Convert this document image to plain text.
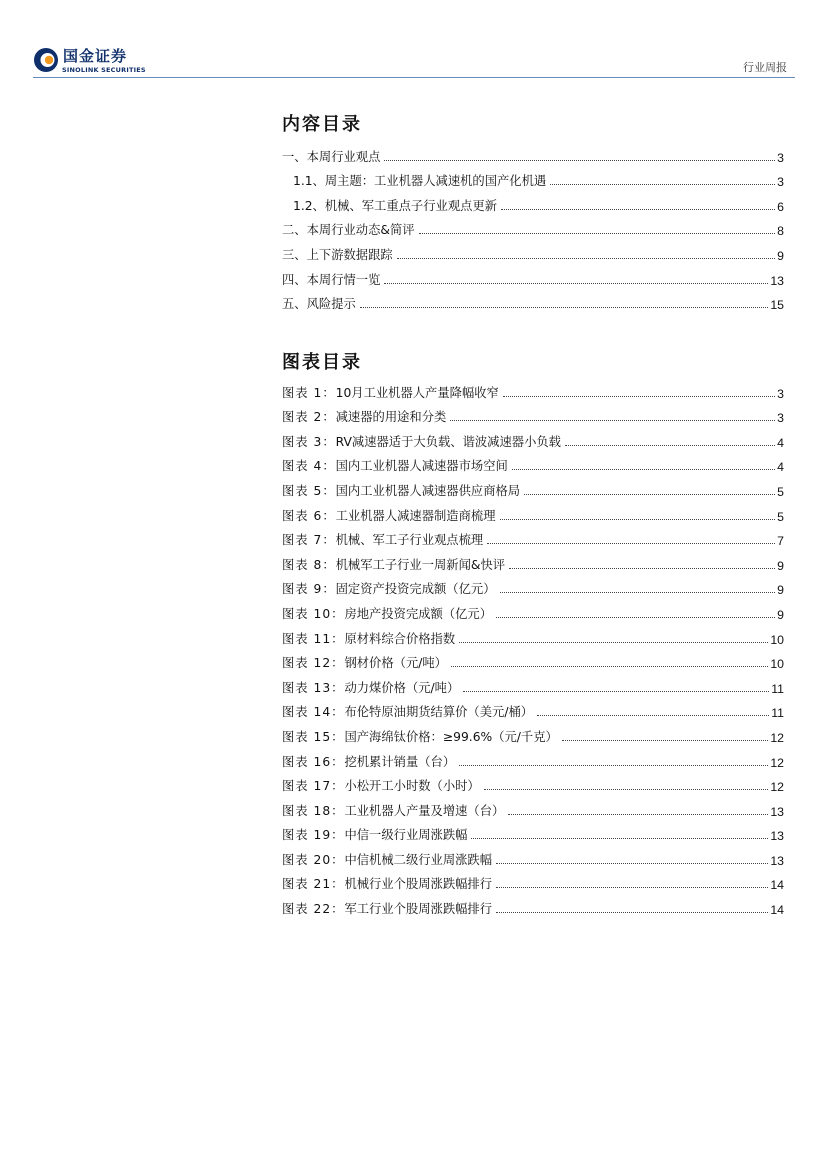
国金证券
SINOLINK SECURITIES	行业周报
内容目录
一、本周行业观点	3
1.1、周主题：工业机器人减速机的国产化机遇	3
1.2、机械、军工重点子行业观点更新	6
二、本周行业动态&简评	8
三、上下游数据跟踪	9
四、本周行情一览	13
五、风险提示	15
图表目录
图表 1：10月工业机器人产量降幅收窄	3
图表 2：减速器的用途和分类	3
图表 3：RV减速器适于大负载、谐波减速器小负载	4
图表 4：国内工业机器人减速器市场空间	4
图表 5：国内工业机器人减速器供应商格局	5
图表 6：工业机器人减速器制造商梳理	5
图表 7：机械、军工子行业观点梳理	7
图表 8：机械军工子行业一周新闻&快评	9
图表 9：固定资产投资完成额（亿元）	9
图表 10：房地产投资完成额（亿元）	9
图表 11：原材料综合价格指数	10
图表 12：钢材价格（元/吨）	10
图表 13：动力煤价格（元/吨）	11
图表 14：布伦特原油期货结算价（美元/桶）	11
图表 15：国产海绵钛价格：≥99.6%（元/千克）	12
图表 16：挖机累计销量（台）	12
图表 17：小松开工小时数（小时）	12
图表 18：工业机器人产量及增速（台）	13
图表 19：中信一级行业周涨跌幅	13
图表 20：中信机械二级行业周涨跌幅	13
图表 21：机械行业个股周涨跌幅排行	14
图表 22：军工行业个股周涨跌幅排行	14
